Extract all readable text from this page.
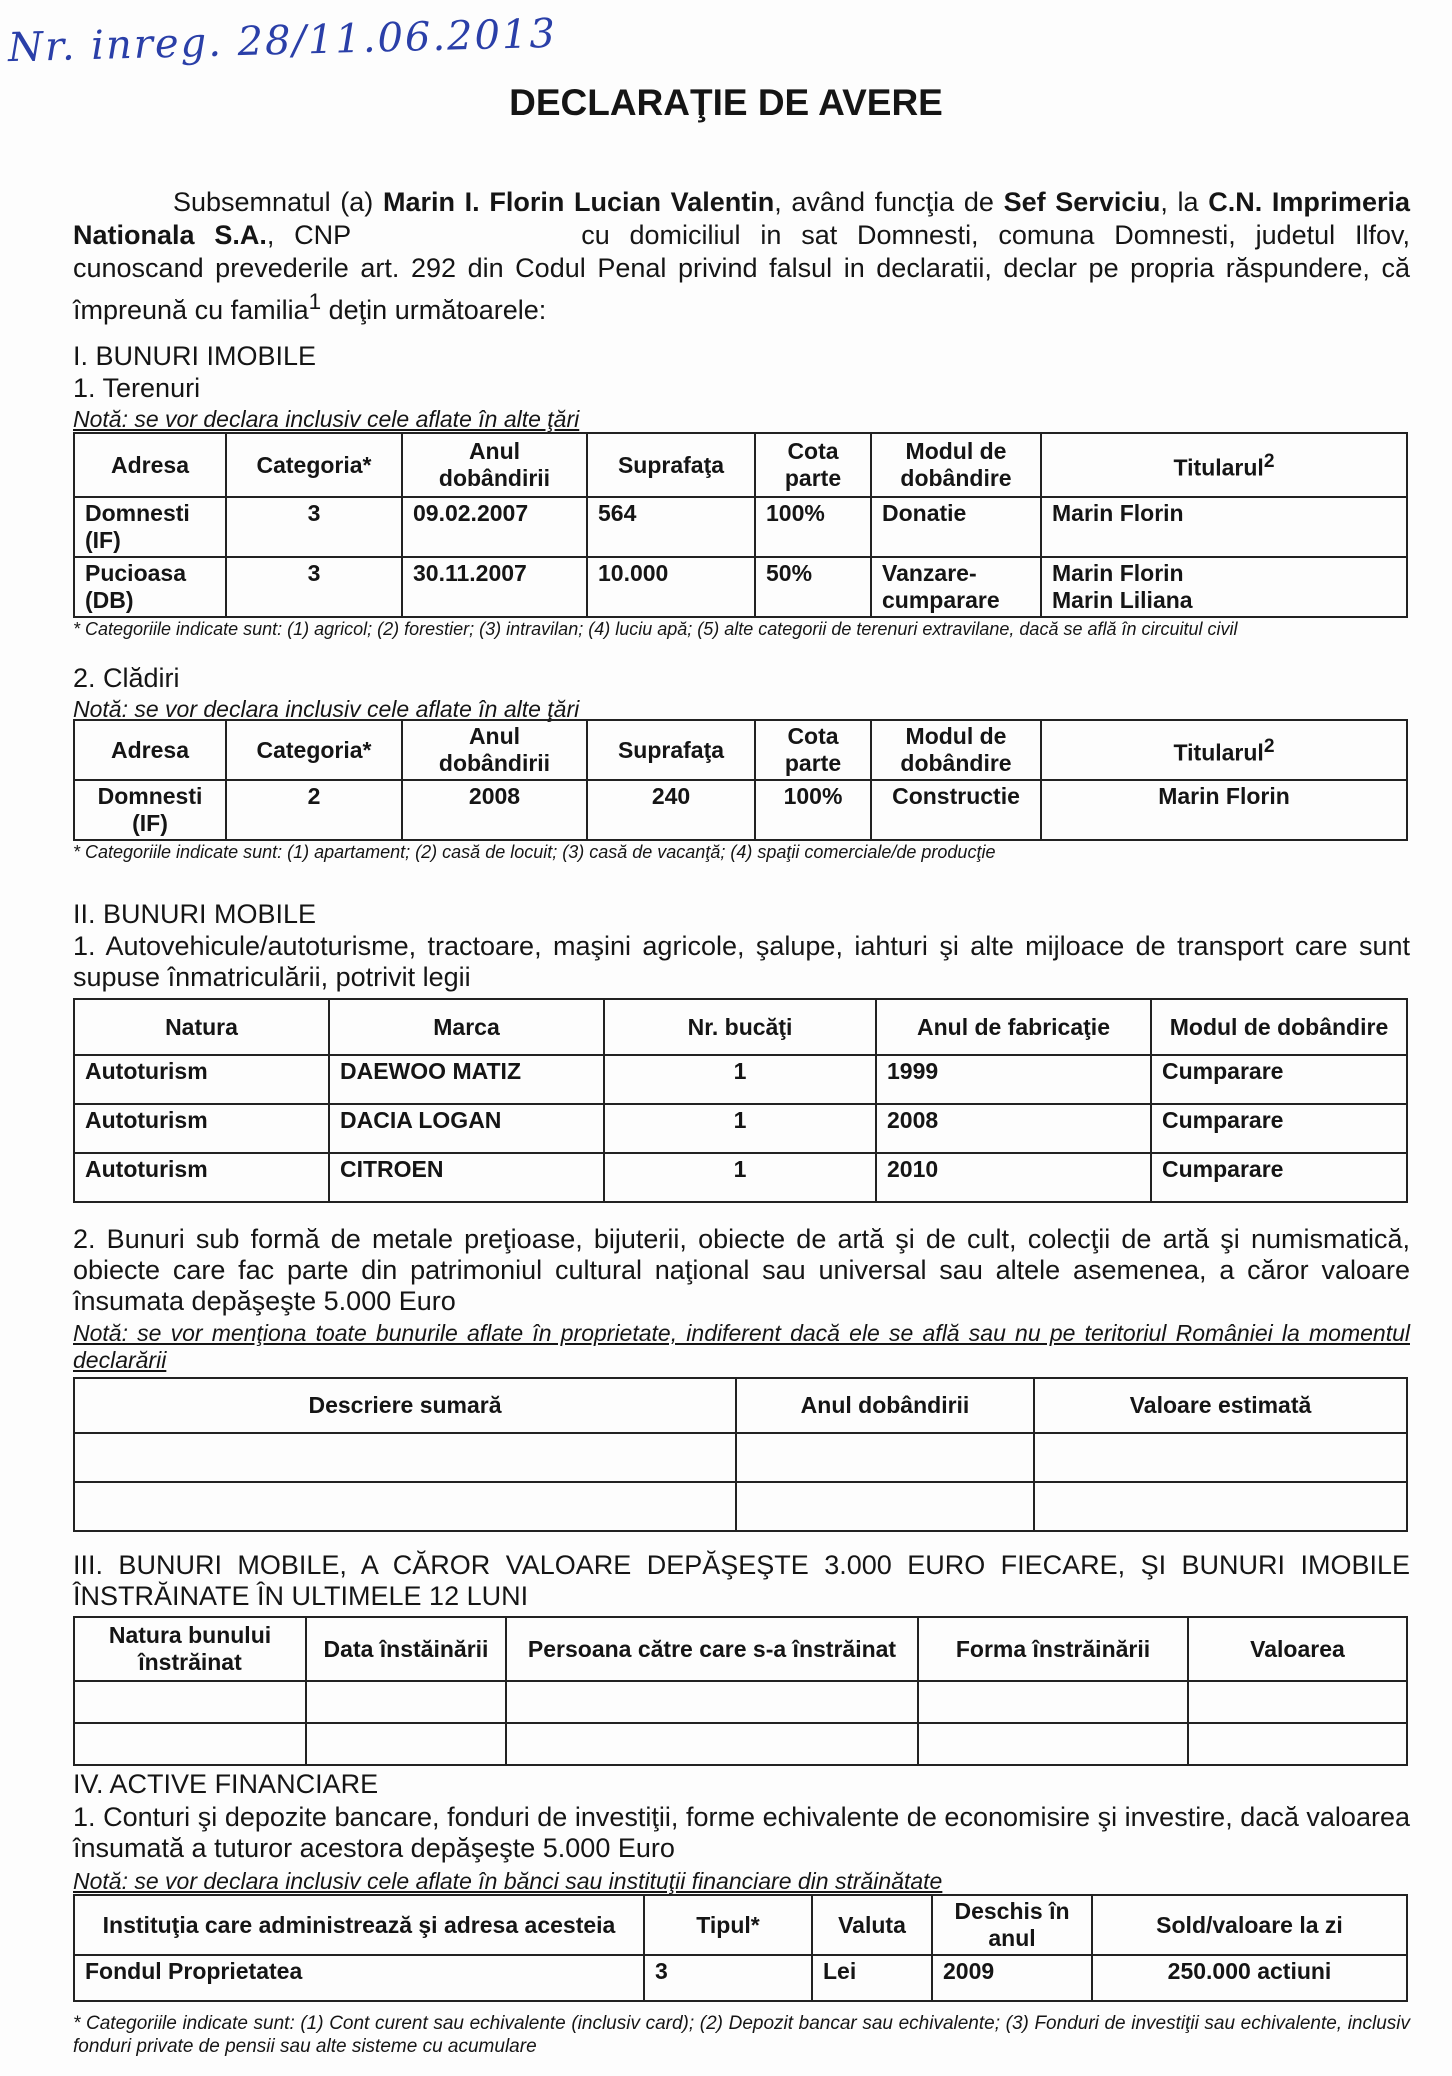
Nr. inreg. 28/11.06.2013
DECLARAŢIE DE AVERE

Subsemnatul (a) Marin I. Florin Lucian Valentin, având funcţia de Sef Serviciu, la C.N. Imprimeria Nationala S.A., CNP	cu domiciliul in sat Domnesti, comuna Domnesti, judetul Ilfov, cunoscand prevederile art. 292 din Codul Penal privind falsul in declaratii, declar pe propria răspundere, că împreună cu familia$^1$ deţin următoarele:

I. BUNURI IMOBILE
1. Terenuri
Notă: se vor declara inclusiv cele aflate în alte ţări
Adresa	Categoria*	Anul dobândirii	Suprafaţa	Cota parte	Modul de dobândire	Titularul$^2$
Domnesti (IF)	3	09.02.2007	564	100%	Donatie	Marin Florin
Pucioasa (DB)	3	30.11.2007	10.000	50%	Vanzare-cumparare	Marin Florin
Marin Liliana
* Categoriile indicate sunt: (1) agricol; (2) forestier; (3) intravilan; (4) luciu apă; (5) alte categorii de terenuri extravilane, dacă se află în circuitul civil
2. Clădiri
Notă: se vor declara inclusiv cele aflate în alte ţări
Adresa	Categoria*	Anul dobândirii	Suprafaţa	Cota parte	Modul de dobândire	Titularul$^2$
Domnesti (IF)	2	2008	240	100%	Constructie	Marin Florin
* Categoriile indicate sunt: (1) apartament; (2) casă de locuit; (3) casă de vacanţă; (4) spaţii comerciale/de producţie
II. BUNURI MOBILE
1. Autovehicule/autoturisme, tractoare, maşini agricole, şalupe, iahturi şi alte mijloace de transport care sunt supuse înmatriculării, potrivit legii
Natura	Marca	Nr. bucăţi	Anul de fabricaţie	Modul de dobândire
Autoturism	DAEWOO MATIZ	1	1999	Cumparare
Autoturism	DACIA LOGAN	1	2008	Cumparare
Autoturism	CITROEN	1	2010	Cumparare
2. Bunuri sub formă de metale preţioase, bijuterii, obiecte de artă şi de cult, colecţii de artă şi numismatică, obiecte care fac parte din patrimoniul cultural naţional sau universal sau altele asemenea, a căror valoare însumata depăşeşte 5.000 Euro
Notă: se vor menţiona toate bunurile aflate în proprietate, indiferent dacă ele se află sau nu pe teritoriul României la momentul declarării
Descriere sumară	Anul dobândirii	Valoare estimată

III. BUNURI MOBILE, A CĂROR VALOARE DEPĂŞEŞTE 3.000 EURO FIECARE, ŞI BUNURI IMOBILE ÎNSTRĂINATE ÎN ULTIMELE 12 LUNI
Natura bunului înstrăinat	Data înstăinării	Persoana către care s-a înstrăinat	Forma înstrăinării	Valoarea

IV. ACTIVE FINANCIARE
1. Conturi şi depozite bancare, fonduri de investiţii, forme echivalente de economisire şi investire, dacă valoarea însumată a tuturor acestora depăşeşte 5.000 Euro
Notă: se vor declara inclusiv cele aflate în bănci sau instituţii financiare din străinătate
Instituţia care administrează şi adresa acesteia	Tipul*	Valuta	Deschis în anul	Sold/valoare la zi
Fondul Proprietatea	3	Lei	2009	250.000 actiuni
* Categoriile indicate sunt: (1) Cont curent sau echivalente (inclusiv card); (2) Depozit bancar sau echivalente; (3) Fonduri de investiţii sau echivalente, inclusiv fonduri private de pensii sau alte sisteme cu acumulare
